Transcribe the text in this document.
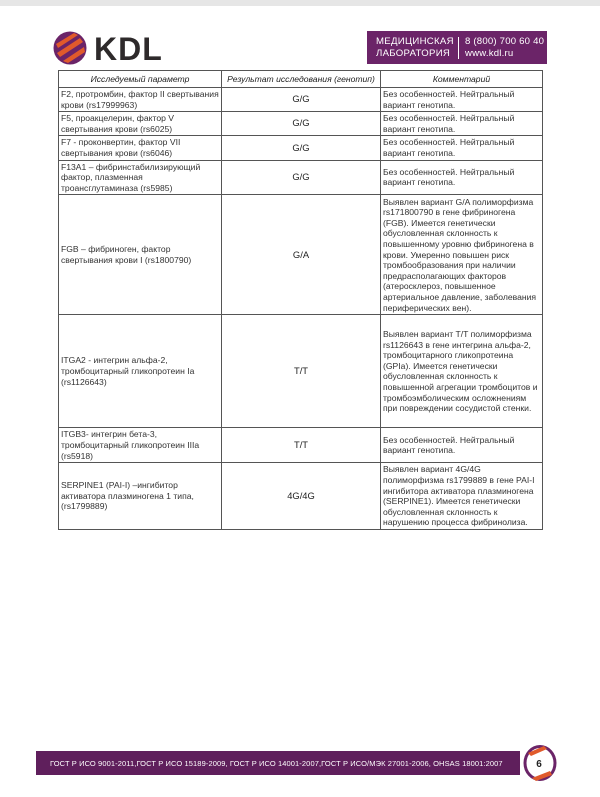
KDL	МЕДИЦИНСКАЯ
ЛАБОРАТОРИЯ
8 (800) 700 60 40
www.kdl.ru
Исследуемый параметр	Результат исследования (генотип)	Комментарий
F2, протромбин, фактор II свертывания крови (rs17999963)	G/G	Без особенностей. Нейтральный вариант генотипа.
F5, проакцелерин, фактор V свертывания крови (rs6025)	G/G	Без особенностей. Нейтральный вариант генотипа.
F7 - проконвертин, фактор VII свертывания крови (rs6046)	G/G	Без особенностей. Нейтральный вариант генотипа.
F13A1 – фибринстабилизирующий фактор, плазменная трoансглутаминаза (rs5985)	G/G	Без особенностей. Нейтральный вариант генотипа.
FGB – фибриноген, фактор свертывания крови I (rs1800790)	G/A	Выявлен вариант G/A полиморфизма rs171800790 в гене фибриногена (FGB). Имеется генетически обусловленная склонность к повышенному уровню фибриногена в крови. Умеренно повышен риск тромбообразования при наличии предрасполагающих факторов (атеросклероз, повышенное артериальное давление, заболевания периферических вен).
ITGA2 - интегрин альфа-2, тромбоцитарный гликопротеин Ia (rs1126643)	T/T	Выявлен вариант T/T полиморфизма rs1126643 в гене интегрина альфа-2, тромбоцитарного гликопротеина (GPIa). Имеется генетически обусловленная склонность к повышенной агрегации тромбоцитов и тромбоэмболическим осложнениям при повреждении сосудистой стенки.
ITGB3- интегрин бета-3, тромбоцитарный гликопротеин IIIa (rs5918)	T/T	Без особенностей. Нейтральный вариант генотипа.
SERPINE1 (PAI-I) –ингибитор активатора плазминогена 1 типа, (rs1799889)	4G/4G	Выявлен вариант 4G/4G полиморфизма rs1799889 в гене PAI-I ингибитора активатора плазминогена (SERPINE1). Имеется генетически обусловленная склонность к нарушению процесса фибринолиза.
ГОСТ Р ИСО 9001-2011,ГОСТ Р ИСО 15189-2009, ГОСТ Р ИСО 14001-2007,ГОСТ Р ИСО/МЭК 27001-2006, OHSAS 18001:2007	6
